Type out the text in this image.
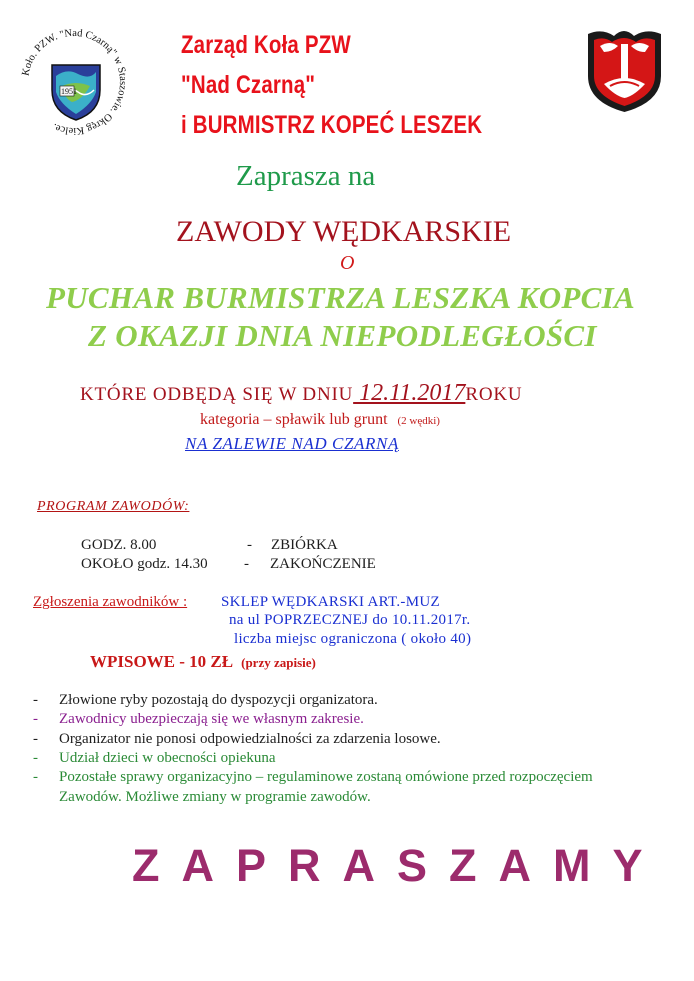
Koło. PZW. "Nad Czarną" w Staszowie. Okręg Kielce.
1951
Zarząd Koła PZW
"Nad Czarną"
i BURMISTRZ KOPEĆ LESZEK
Zaprasza na
ZAWODY WĘDKARSKIE
O
PUCHAR BURMISTRZA LESZKA KOPCIA
Z OKAZJI DNIA NIEPODLEGŁOŚCI
KTÓRE ODBĘDĄ SIĘ W DNIU 12.11.2017ROKU
kategoria – spławik lub grunt (2 wędki)
NA ZALEWIE NAD CZARNĄ
PROGRAM ZAWODÓW:
GODZ. 8.00	- ZBIÓRKA
OKOŁO godz. 14.30 - ZAKOŃCZENIE
Zgłoszenia zawodników : SKLEP WĘDKARSKI ART.-MUZ
na ul POPRZECZNEJ do 10.11.2017r.
liczba miejsc ograniczona ( około 40)
WPISOWE - 10 ZŁ (przy zapisie)
- Złowione ryby pozostają do dyspozycji organizatora.
- Zawodnicy ubezpieczają się we własnym zakresie.
- Organizator nie ponosi odpowiedzialności za zdarzenia losowe.
- Udział dzieci w obecności opiekuna
- Pozostałe sprawy organizacyjno – regulaminowe zostaną omówione przed rozpoczęciem
Zawodów. Możliwe zmiany w programie zawodów.
ZAPRASZAMY
